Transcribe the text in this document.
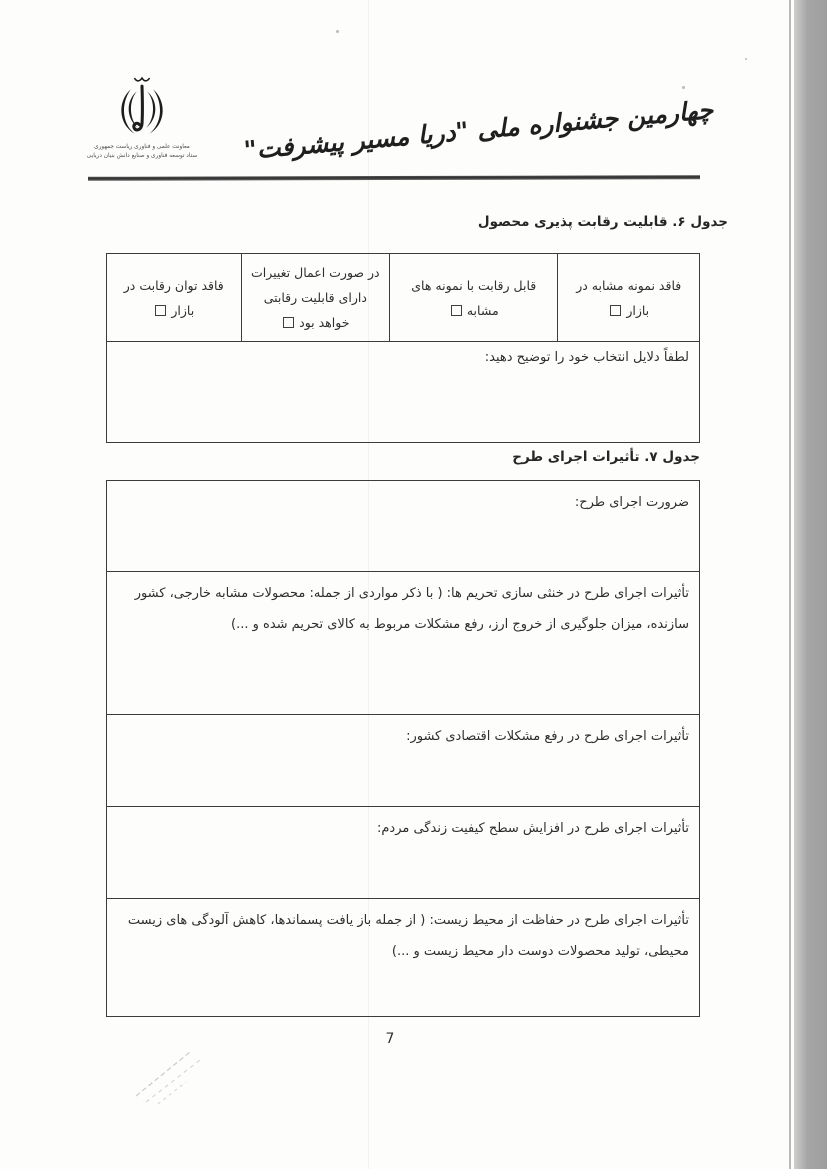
معاونت علمی و فناوری ریاست جمهوری
ستاد توسعه فناوری و صنایع دانش بنیان دریایی	چهارمین جشنواره ملی "دریا مسیر پیشرفت"
جدول ۶. قابلیت رقابت پذیری محصول
فاقد توان رقابت در بازار
در صورت اعمال تغییرات دارای قابلیت رقابتی خواهد بود
قابل رقابت با نمونه های مشابه
فاقد نمونه مشابه در بازار
لطفاً دلایل انتخاب خود را توضیح دهید:
جدول ۷. تأثیرات اجرای طرح
ضرورت اجرای طرح:
تأثیرات اجرای طرح در خنثی سازی تحریم ها: ( با ذکر مواردی از جمله: محصولات مشابه خارجی، کشور سازنده، میزان جلوگیری از خروج ارز، رفع مشکلات مربوط به کالای تحریم شده و ...)
تأثیرات اجرای طرح در رفع مشکلات اقتصادی کشور:
تأثیرات اجرای طرح در افزایش سطح کیفیت زندگی مردم:
تأثیرات اجرای طرح در حفاظت از محیط زیست: ( از جمله باز یافت پسماندها، کاهش آلودگی های زیست محیطی، تولید محصولات دوست دار محیط زیست و ...)
7
